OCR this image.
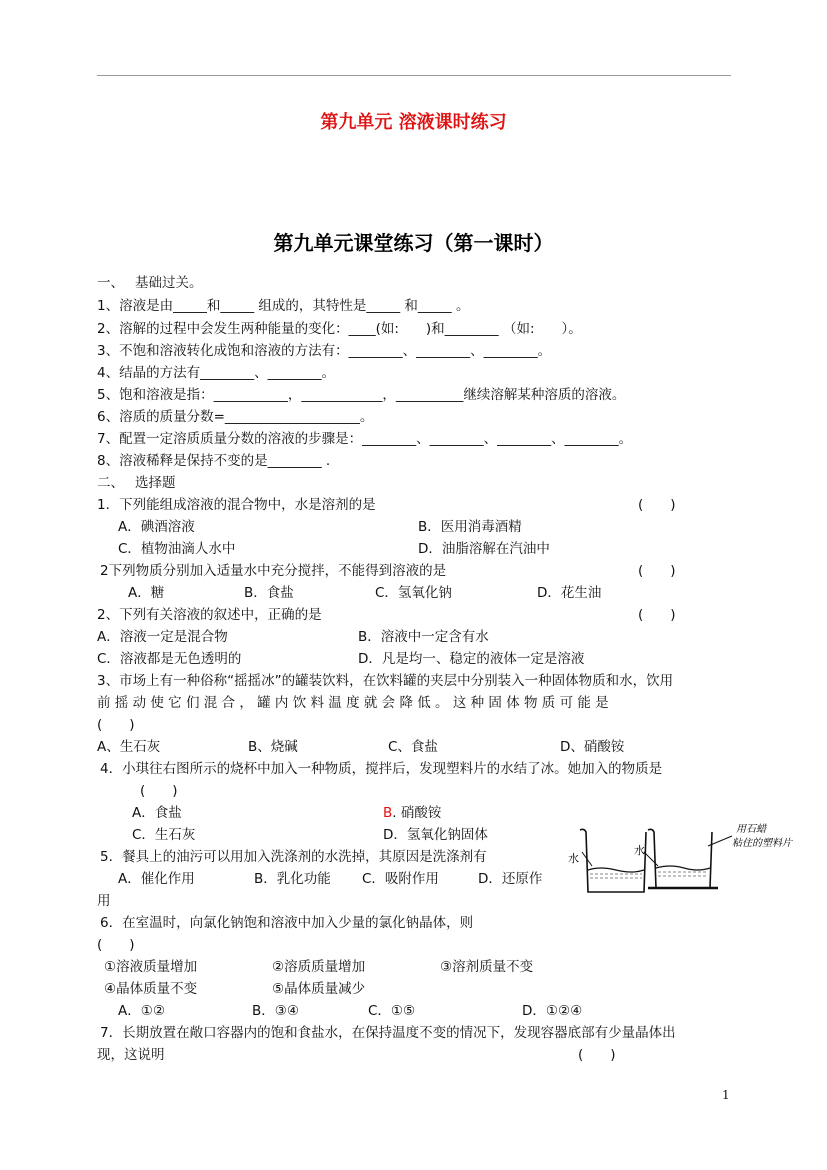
第九单元 溶液课时练习
第九单元课堂练习（第一课时）
一、　 基础过关。
1、溶液是由_____和_____ 组成的，其特性是_____ 和_____ 。
2、溶解的过程中会发生两种能量的变化：____(如:　　)和________ （如:　　）。
3、不饱和溶液转化成饱和溶液的方法有：________、________、________。
4、结晶的方法有________、________。
5、饱和溶液是指：___________，____________，__________继续溶解某种溶质的溶液。
6、溶质的质量分数=____________________。
7、配置一定溶质质量分数的溶液的步骤是：________、________、________、________。
8、溶液稀释是保持不变的是________ .
二、　 选择题
1．下列能组成溶液的混合物中，水是溶剂的是	(　　)
A．碘酒溶液	B．医用消毒酒精
C．植物油滴人水中	D．油脂溶解在汽油中
2下列物质分别加入适量水中充分搅拌，不能得到溶液的是	(　　)
A．糖	B．食盐	C．氢氧化钠	D．花生油
2、下列有关溶液的叙述中，正确的是	(　　)
A．溶液一定是混合物	B．溶液中一定含有水
C．溶液都是无色透明的	D．凡是均一、稳定的液体一定是溶液
3、市场上有一种俗称“摇摇冰”的罐装饮料，在饮料罐的夹层中分别装入一种固体物质和水，饮用
前 摇 动 使 它 们 混 合 ， 罐 内 饮 料 温 度 就 会 降 低 。 这 种 固 体 物 质 可 能 是
(　　)
A、生石灰	B、烧碱	C、食盐	D、硝酸铵
4．小琪往右图所示的烧杯中加入一种物质，搅拌后，发现塑料片的水结了冰。她加入的物质是
(　　)
A．食盐	B. 硝酸铵
C．生石灰	D．氢氧化钠固体
5．餐具上的油污可以用加入洗涤剂的水洗掉，其原因是洗涤剂有
A．催化作用	B．乳化功能 C．吸附作用	D．还原作
用
6．在室温时，向氯化钠饱和溶液中加入少量的氯化钠晶体，则
(　　)
①溶液质量增加	②溶质质量增加	③溶剂质量不变
④晶体质量不变	⑤晶体质量减少
A．①②	B．③④	C．①⑤	D．①②④
7．长期放置在敞口容器内的饱和食盐水，在保持温度不变的情况下，发现容器底部有少量晶体出
现，这说明	(　　)
水
水
用石蜡
粘住的塑料片
1
